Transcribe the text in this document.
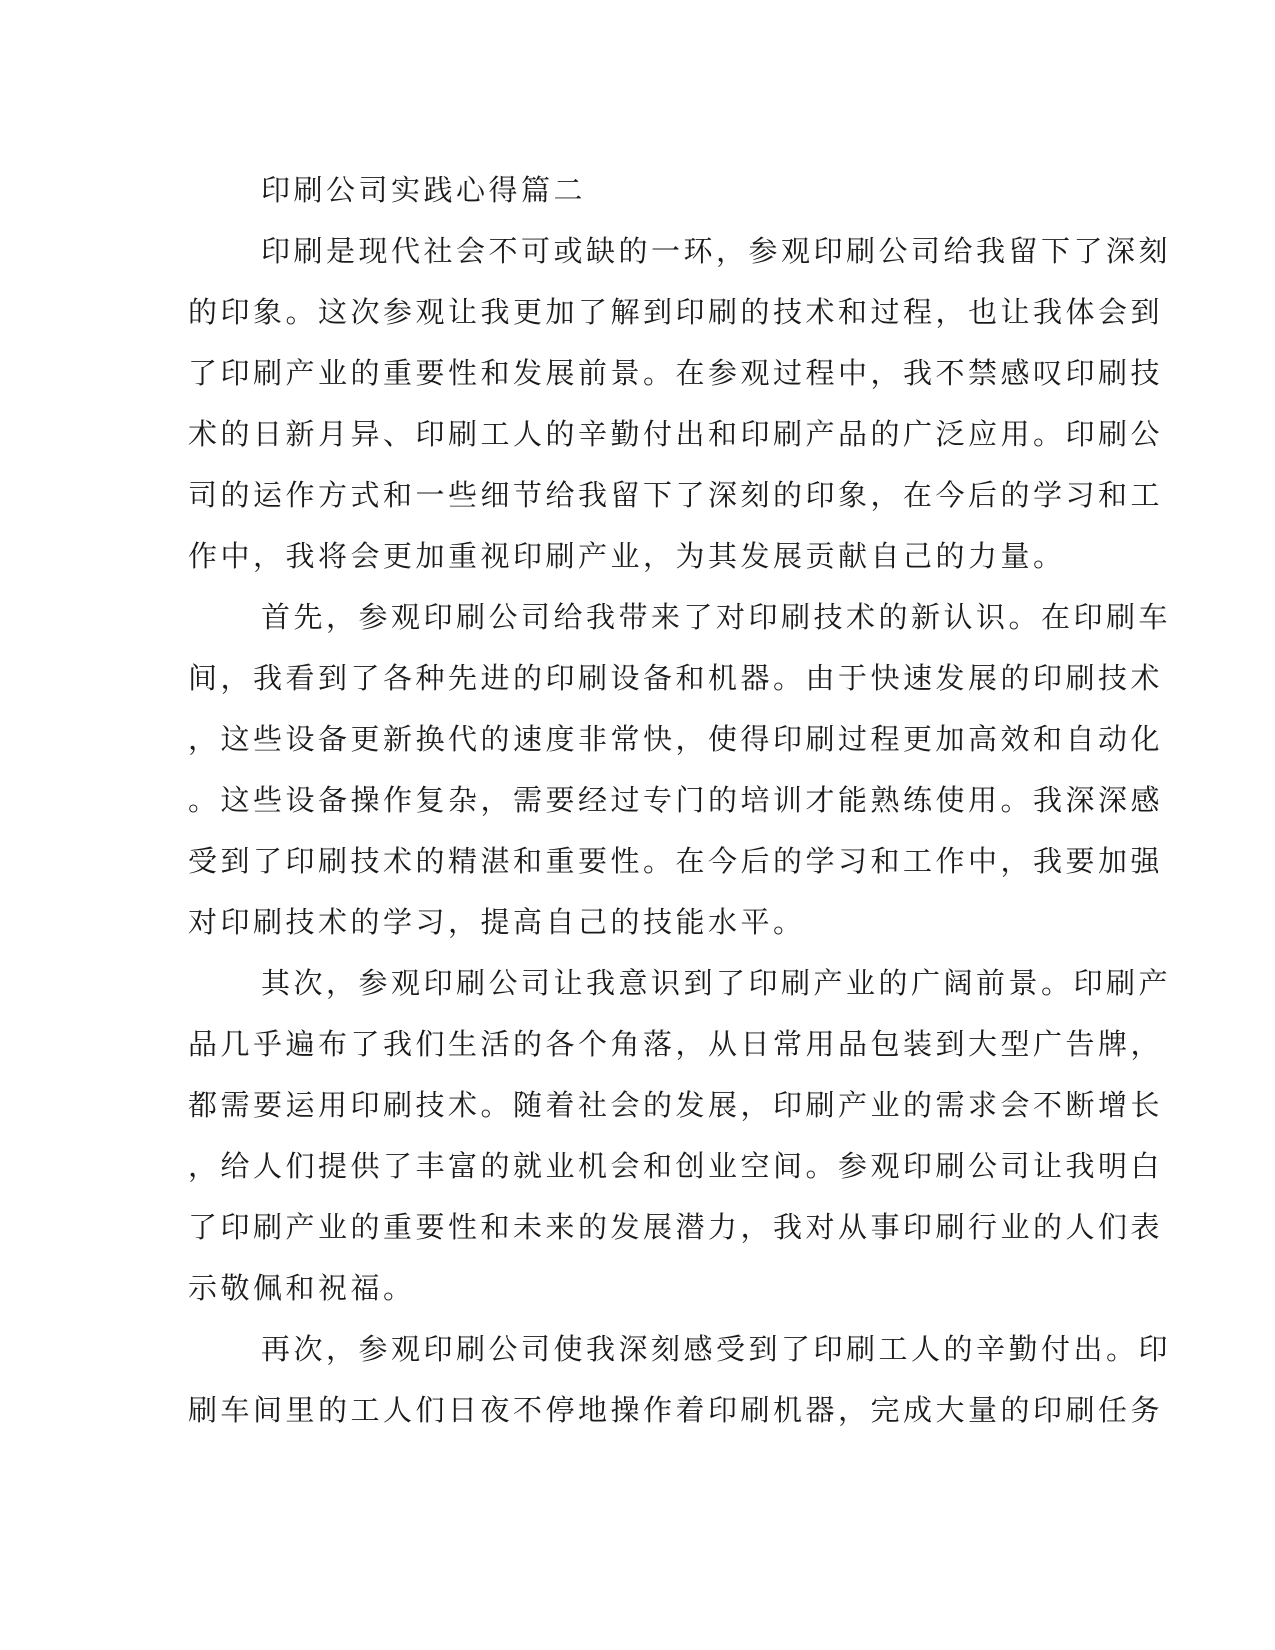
印刷公司实践心得篇二
印刷是现代社会不可或缺的一环，参观印刷公司给我留下了深刻
的印象。这次参观让我更加了解到印刷的技术和过程，也让我体会到
了印刷产业的重要性和发展前景。在参观过程中，我不禁感叹印刷技
术的日新月异、印刷工人的辛勤付出和印刷产品的广泛应用。印刷公
司的运作方式和一些细节给我留下了深刻的印象，在今后的学习和工
作中，我将会更加重视印刷产业，为其发展贡献自己的力量。
首先，参观印刷公司给我带来了对印刷技术的新认识。在印刷车
间，我看到了各种先进的印刷设备和机器。由于快速发展的印刷技术
，这些设备更新换代的速度非常快，使得印刷过程更加高效和自动化
。这些设备操作复杂，需要经过专门的培训才能熟练使用。我深深感
受到了印刷技术的精湛和重要性。在今后的学习和工作中，我要加强
对印刷技术的学习，提高自己的技能水平。
其次，参观印刷公司让我意识到了印刷产业的广阔前景。印刷产
品几乎遍布了我们生活的各个角落，从日常用品包装到大型广告牌，
都需要运用印刷技术。随着社会的发展，印刷产业的需求会不断增长
，给人们提供了丰富的就业机会和创业空间。参观印刷公司让我明白
了印刷产业的重要性和未来的发展潜力，我对从事印刷行业的人们表
示敬佩和祝福。
再次，参观印刷公司使我深刻感受到了印刷工人的辛勤付出。印
刷车间里的工人们日夜不停地操作着印刷机器，完成大量的印刷任务
